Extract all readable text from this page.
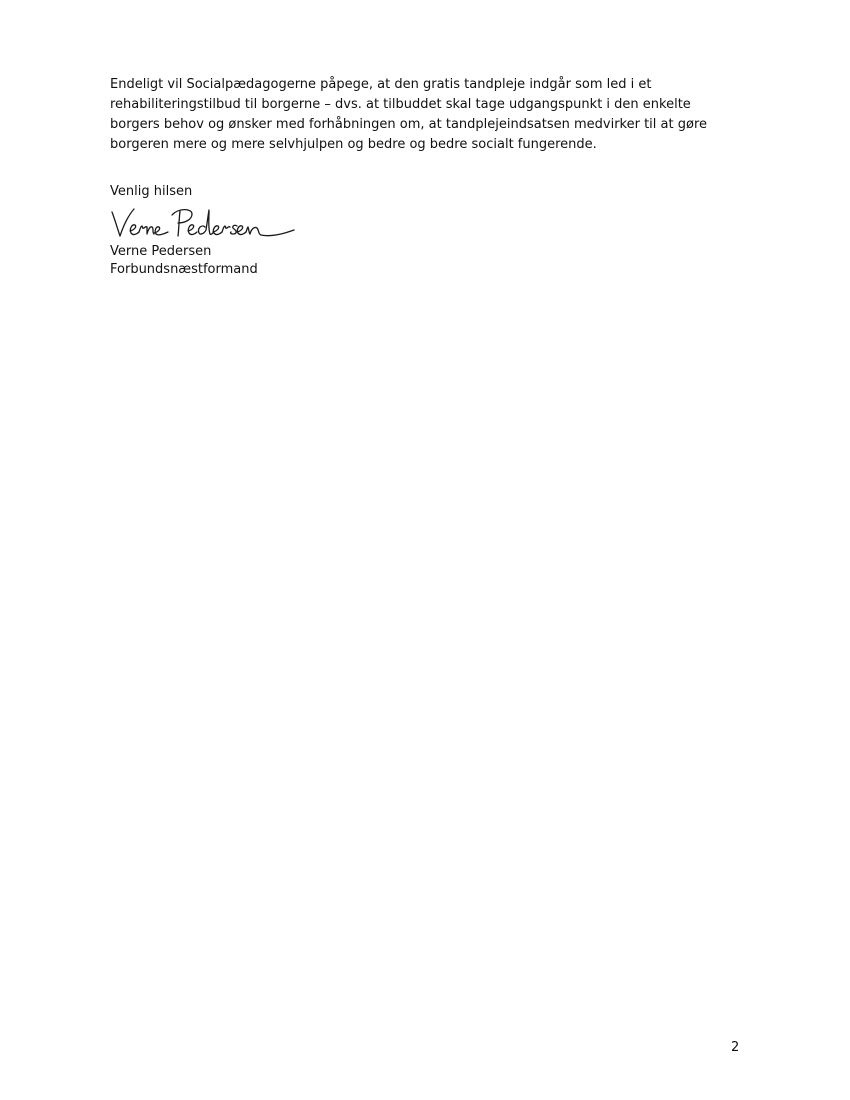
Endeligt vil Socialpædagogerne påpege, at den gratis tandpleje indgår som led i et
rehabiliteringstilbud til borgerne – dvs. at tilbuddet skal tage udgangspunkt i den enkelte
borgers behov og ønsker med forhåbningen om, at tandplejeindsatsen medvirker til at gøre
borgeren mere og mere selvhjulpen og bedre og bedre socialt fungerende.

Venlig hilsen

Verne Pedersen

Forbundsnæstformand

2
